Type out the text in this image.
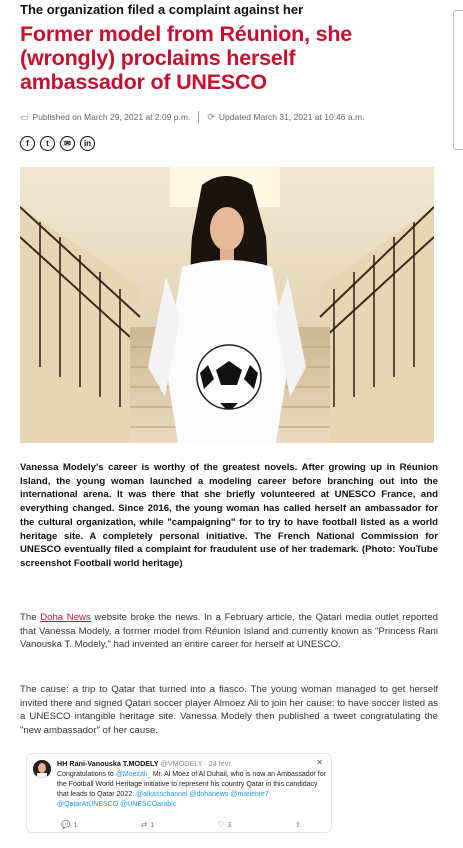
The organization filed a complaint against her
Former model from Réunion, she (wrongly) proclaims herself ambassador of UNESCO
▭ Published on March 29, 2021 at 2:09 p.m. ⟳ Updated March 31, 2021 at 10:46 a.m.
f	t	✉	in

Vanessa Modely's career is worthy of the greatest novels. After growing up in Réunion Island, the young woman launched a modeling career before branching out into the international arena. It was there that she briefly volunteered at UNESCO France, and everything changed. Since 2016, the young woman has called herself an ambassador for the cultural organization, while "campaigning" for to try to have football listed as a world heritage site. A completely personal initiative. The French National Commission for UNESCO eventually filed a complaint for fraudulent use of her trademark. (Photo: YouTube screenshot Football world heritage)

The Doha News website broke the news. In a February article, the Qatari media outlet reported that Vanessa Modely, a former model from Réunion Island and currently known as "Princess Rani Vanouska T. Modely," had invented an entire career for herself at UNESCO.

The cause: a trip to Qatar that turned into a fiasco. The young woman managed to get herself invited there and signed Qatari soccer player Almoez Ali to join her cause: to have soccer listed as a UNESCO intangible heritage site. Vanessa Modely then published a tweet congratulating the "new ambassador" of her cause.

HH Rani-Vanouska T.MODELY @VMODELY · 24 févr.	✕
Congratulations to @Moezali_ Mr. Al Moez of Al Duhail, who is now an Ambassador for the Football World Heritage initiative to represent his country Qatar in this candidacy that leads to Qatar 2022. @alkasschannel @dohanews @mariente7 @QatarAtUNESCO @UNESCOarabic
💬 1	⇄ 1	♡ 3	⇪
